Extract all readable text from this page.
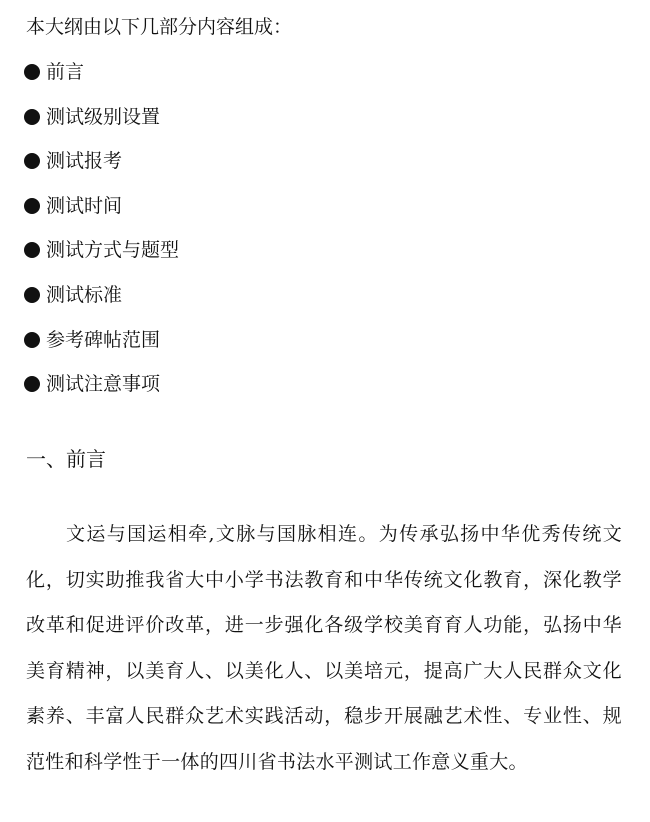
本大纲由以下几部分内容组成：
前言
测试级别设置
测试报考
测试时间
测试方式与题型
测试标准
参考碑帖范围
测试注意事项
一、前言

文运与国运相牵,文脉与国脉相连。为传承弘扬中华优秀传统文化，切实助推我省大中小学书法教育和中华传统文化教育，深化教学改革和促进评价改革，进一步强化各级学校美育育人功能，弘扬中华美育精神，以美育人、以美化人、以美培元，提高广大人民群众文化素养、丰富人民群众艺术实践活动，稳步开展融艺术性、专业性、规范性和科学性于一体的四川省书法水平测试工作意义重大。
